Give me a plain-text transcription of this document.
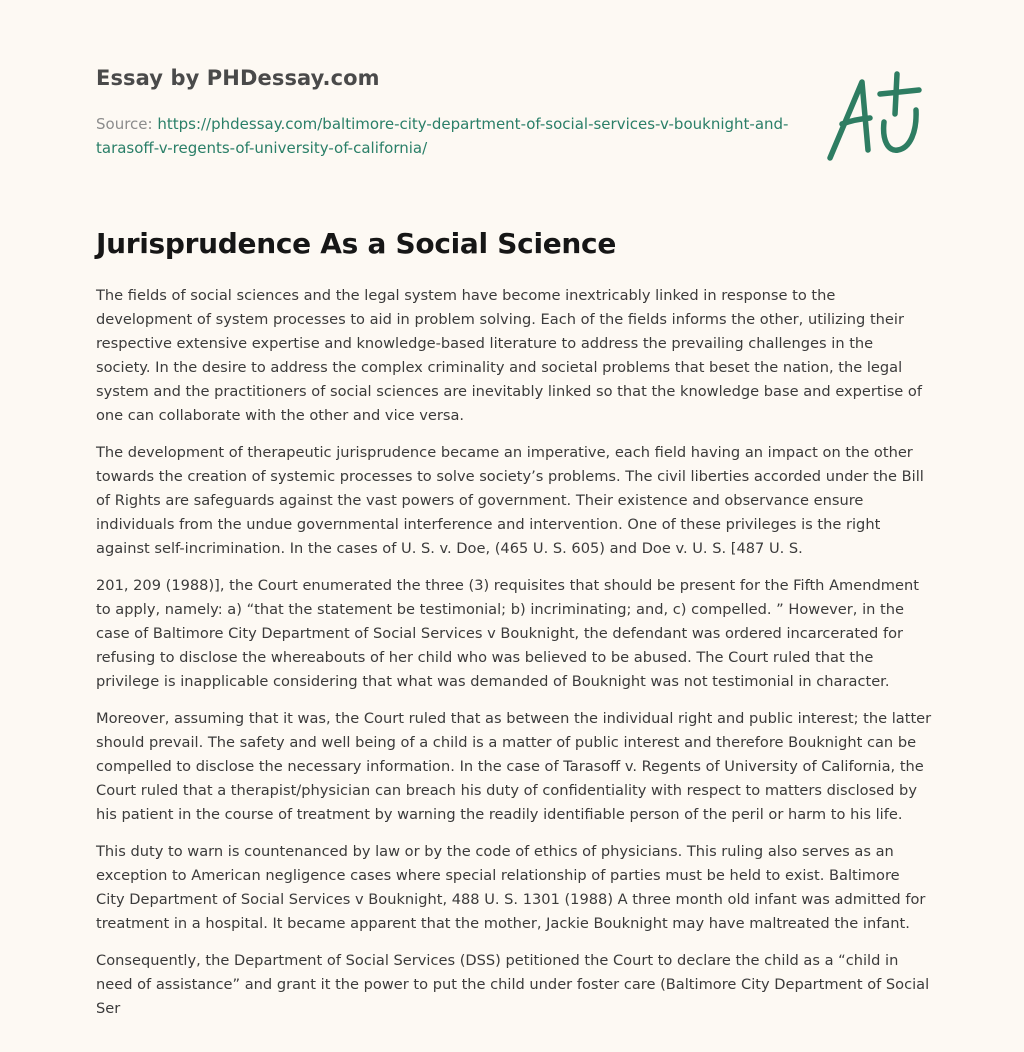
Essay by PHDessay.com

Source: https://phdessay.com/baltimore-city-department-of-social-services-v-bouknight-and-tarasoff-v-regents-of-university-of-california/

Jurisprudence As a Social Science

The fields of social sciences and the legal system have become inextricably linked in response to the development of system processes to aid in problem solving. Each of the fields informs the other, utilizing their respective extensive expertise and knowledge-based literature to address the prevailing challenges in the society. In the desire to address the complex criminality and societal problems that beset the nation, the legal system and the practitioners of social sciences are inevitably linked so that the knowledge base and expertise of one can collaborate with the other and vice versa.

The development of therapeutic jurisprudence became an imperative, each field having an impact on the other towards the creation of systemic processes to solve society’s problems. The civil liberties accorded under the Bill of Rights are safeguards against the vast powers of government. Their existence and observance ensure individuals from the undue governmental interference and intervention. One of these privileges is the right against self-incrimination. In the cases of U. S. v. Doe, (465 U. S. 605) and Doe v. U. S. [487 U. S.

201, 209 (1988)], the Court enumerated the three (3) requisites that should be present for the Fifth Amendment to apply, namely: a) “that the statement be testimonial; b) incriminating; and, c) compelled. ” However, in the case of Baltimore City Department of Social Services v Bouknight, the defendant was ordered incarcerated for refusing to disclose the whereabouts of her child who was believed to be abused. The Court ruled that the privilege is inapplicable considering that what was demanded of Bouknight was not testimonial in character.

Moreover, assuming that it was, the Court ruled that as between the individual right and public interest; the latter should prevail. The safety and well being of a child is a matter of public interest and therefore Bouknight can be compelled to disclose the necessary information. In the case of Tarasoff v. Regents of University of California, the Court ruled that a therapist/physician can breach his duty of confidentiality with respect to matters disclosed by his patient in the course of treatment by warning the readily identifiable person of the peril or harm to his life.

This duty to warn is countenanced by law or by the code of ethics of physicians. This ruling also serves as an exception to American negligence cases where special relationship of parties must be held to exist. Baltimore City Department of Social Services v Bouknight, 488 U. S. 1301 (1988) A three month old infant was admitted for treatment in a hospital. It became apparent that the mother, Jackie Bouknight may have maltreated the infant.

Consequently, the Department of Social Services (DSS) petitioned the Court to declare the child as a “child in need of assistance” and grant it the power to put the child under foster care (Baltimore City Department of Social Ser
